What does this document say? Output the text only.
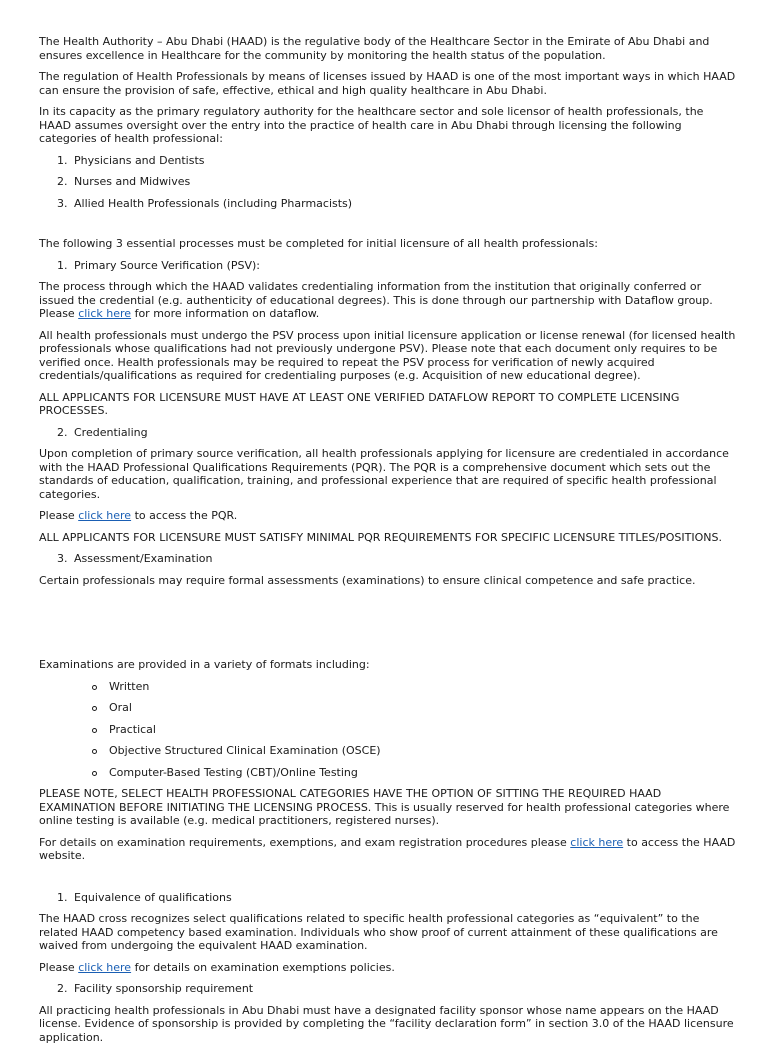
The Health Authority – Abu Dhabi (HAAD) is the regulative body of the Healthcare Sector in the Emirate of Abu Dhabi and ensures excellence in Healthcare for the community by monitoring the health status of the population.

The regulation of Health Professionals by means of licenses issued by HAAD is one of the most important ways in which HAAD can ensure the provision of safe, effective, ethical and high quality healthcare in Abu Dhabi.

In its capacity as the primary regulatory authority for the healthcare sector and sole licensor of health professionals, the HAAD assumes oversight over the entry into the practice of health care in Abu Dhabi through licensing the following categories of health professional:

1. Physicians and Dentists
2. Nurses and Midwives
3. Allied Health Professionals (including Pharmacists)

The following 3 essential processes must be completed for initial licensure of all health professionals:

1. Primary Source Verification (PSV):

The process through which the HAAD validates credentialing information from the institution that originally conferred or issued the credential (e.g. authenticity of educational degrees). This is done through our partnership with Dataflow group. Please click here for more information on dataflow.

All health professionals must undergo the PSV process upon initial licensure application or license renewal (for licensed health professionals whose qualifications had not previously undergone PSV). Please note that each document only requires to be verified once. Health professionals may be required to repeat the PSV process for verification of newly acquired credentials/qualifications as required for credentialing purposes (e.g. Acquisition of new educational degree).

ALL APPLICANTS FOR LICENSURE MUST HAVE AT LEAST ONE VERIFIED DATAFLOW REPORT TO COMPLETE LICENSING PROCESSES.

2. Credentialing

Upon completion of primary source verification, all health professionals applying for licensure are credentialed in accordance with the HAAD Professional Qualifications Requirements (PQR). The PQR is a comprehensive document which sets out the standards of education, qualification, training, and professional experience that are required of specific health professional categories.

Please click here to access the PQR.

ALL APPLICANTS FOR LICENSURE MUST SATISFY MINIMAL PQR REQUIREMENTS FOR SPECIFIC LICENSURE TITLES/POSITIONS.

3. Assessment/Examination

Certain professionals may require formal assessments (examinations) to ensure clinical competence and safe practice.

Examinations are provided in a variety of formats including:

Written
Oral
Practical
Objective Structured Clinical Examination (OSCE)
Computer-Based Testing (CBT)/Online Testing

PLEASE NOTE, SELECT HEALTH PROFESSIONAL CATEGORIES HAVE THE OPTION OF SITTING THE REQUIRED HAAD EXAMINATION BEFORE INITIATING THE LICENSING PROCESS. This is usually reserved for health professional categories where online testing is available (e.g. medical practitioners, registered nurses).

For details on examination requirements, exemptions, and exam registration procedures please click here to access the HAAD website.

1. Equivalence of qualifications

The HAAD cross recognizes select qualifications related to specific health professional categories as “equivalent” to the related HAAD competency based examination. Individuals who show proof of current attainment of these qualifications are waived from undergoing the equivalent HAAD examination.

Please click here for details on examination exemptions policies.

2. Facility sponsorship requirement

All practicing health professionals in Abu Dhabi must have a designated facility sponsor whose name appears on the HAAD license. Evidence of sponsorship is provided by completing the “facility declaration form” in section 3.0 of the HAAD licensure application.
